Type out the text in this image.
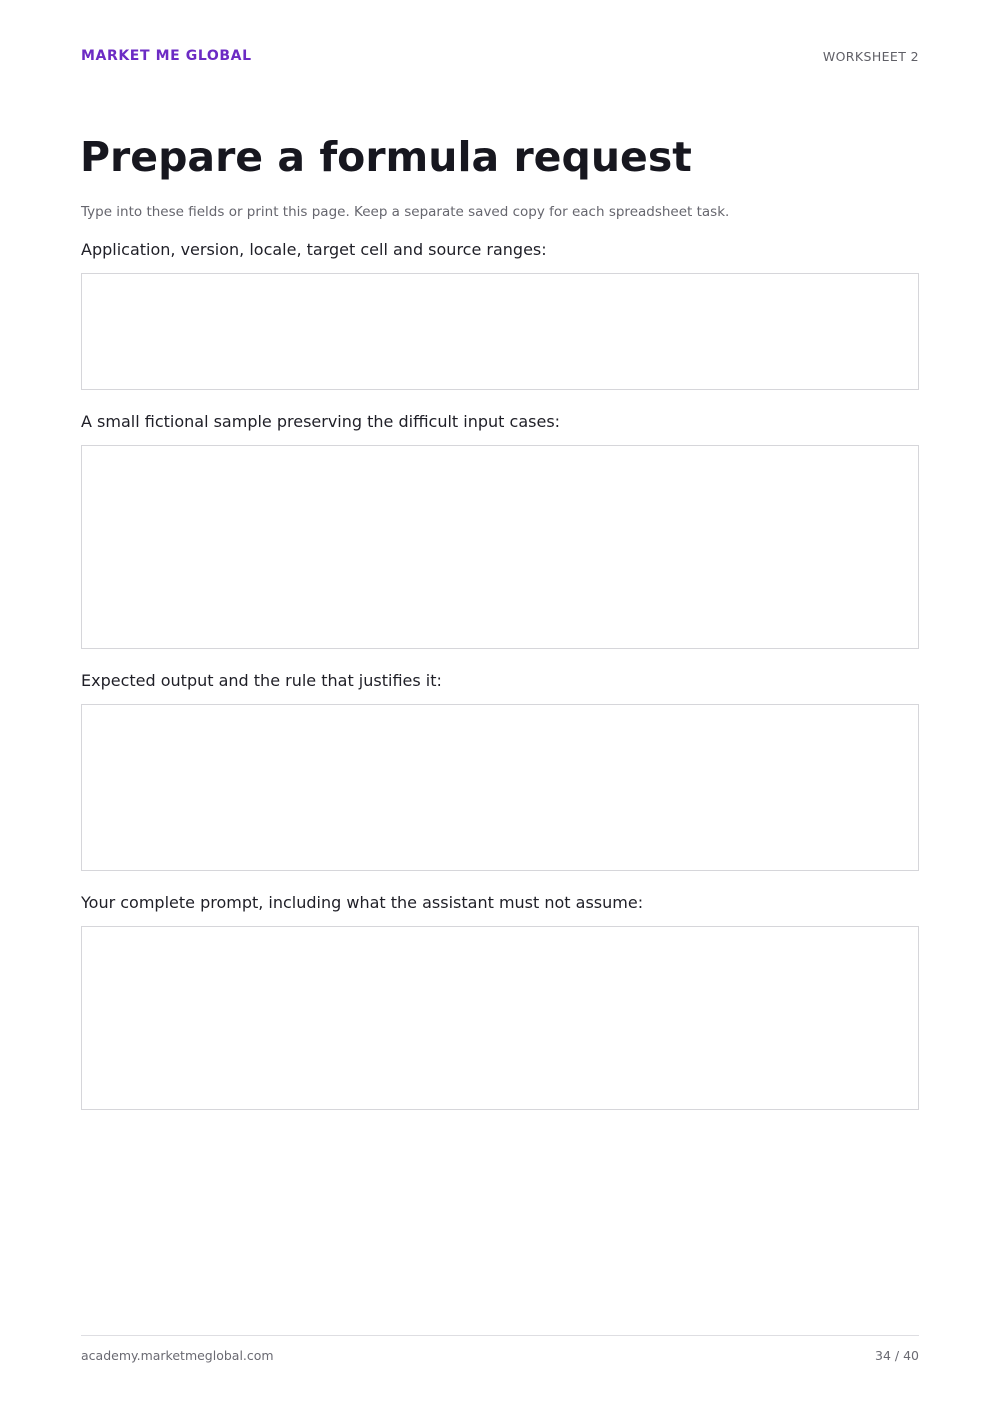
MARKET ME GLOBAL	WORKSHEET 2
Prepare a formula request
Type into these fields or print this page. Keep a separate saved copy for each spreadsheet task.
Application, version, locale, target cell and source ranges:
A small fictional sample preserving the difficult input cases:
Expected output and the rule that justifies it:
Your complete prompt, including what the assistant must not assume:
academy.marketmeglobal.com	34 / 40
